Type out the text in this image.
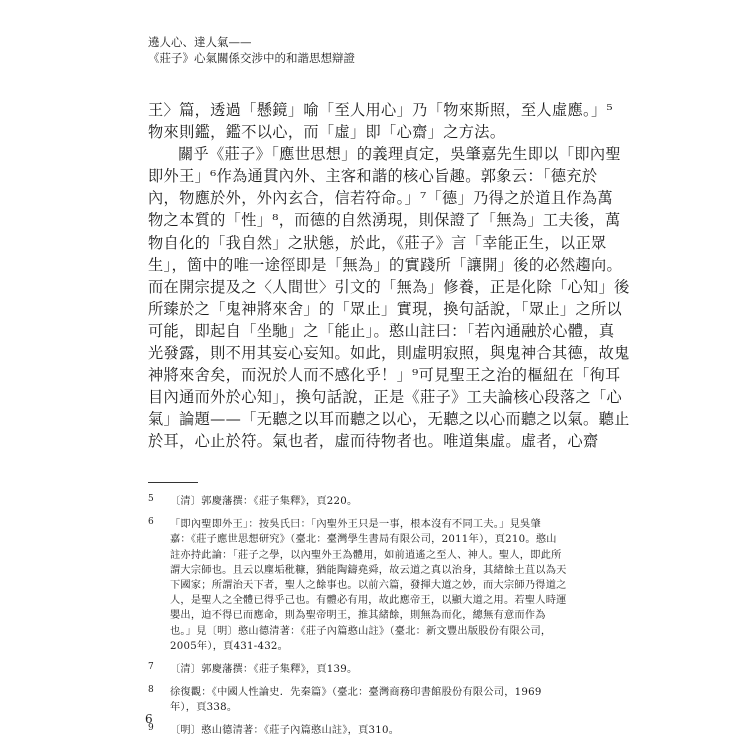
遶人心、達人氣——
《莊子》心氣關係交涉中的和諧思想辯證
王〉篇，透過「懸鏡」喻「至人用心」乃「物來斯照，至人虛應。」⁵
物來則鑑，鑑不以心，而「虛」即「心齋」之方法。
關乎《莊子》「應世思想」的義理貞定，吳肇嘉先生即以「即內聖
即外王」⁶作為通貫內外、主客和諧的核心旨趣。郭象云：「德充於
內，物應於外，外內玄合，信若符命。」⁷「德」乃得之於道且作為萬
物之本質的「性」⁸，而德的自然湧現，則保證了「無為」工夫後，萬
物自化的「我自然」之狀態，於此，《莊子》言「幸能正生，以正眾
生」，箇中的唯一途徑即是「無為」的實踐所「讓開」後的必然趨向。
而在開宗提及之〈人間世〉引文的「無為」修養，正是化除「心知」後
所臻於之「鬼神將來舍」的「眾止」實現，換句話說，「眾止」之所以
可能，即起自「坐馳」之「能止」。憨山註曰：「若內通融於心體，真
光發露，則不用其妄心妄知。如此，則虛明寂照，與鬼神合其德，故鬼
神將來舍矣，而況於人而不感化乎！」⁹可見聖王之治的樞紐在「徇耳
目內通而外於心知」，換句話說，正是《莊子》工夫論核心段落之「心
氣」論題——「无聽之以耳而聽之以心，无聽之以心而聽之以氣。聽止
於耳，心止於符。氣也者，虛而待物者也。唯道集虛。虛者，心齋
5	〔清〕郭慶藩撰：《莊子集釋》，頁220。
6	「即內聖即外王」：按吳氏曰：「內聖外王只是一事，根本沒有不同工夫。」見吳肇
嘉：《莊子應世思想研究》（臺北：臺灣學生書局有限公司，2011年），頁210。憨山
註亦持此論：「莊子之學，以內聖外王為體用，如前逍遙之至人、神人。聖人，即此所
謂大宗師也。且云以塵垢秕糠，猶能陶鑄堯舜，故云道之真以治身，其緒餘土苴以為天
下國家；所謂治天下者，聖人之餘事也。以前六篇，發揮大道之妙，而大宗師乃得道之
人，是聖人之全體已得乎己也。有體必有用，故此應帝王，以顯大道之用。若聖人時運
嬰出，迫不得已而應命，則為聖帝明王，推其緒餘，則無為而化，總無有意而作為
也。」見〔明〕憨山德清著：《莊子內篇憨山註》（臺北：新文豐出版股份有限公司，
2005年），頁431-432。
7	〔清〕郭慶藩撰：《莊子集釋》，頁139。
8	徐復觀：《中國人性論史．先秦篇》（臺北：臺灣商務印書館股份有限公司，1969
年），頁338。
9	〔明〕憨山德清著：《莊子內篇憨山註》，頁310。
6
